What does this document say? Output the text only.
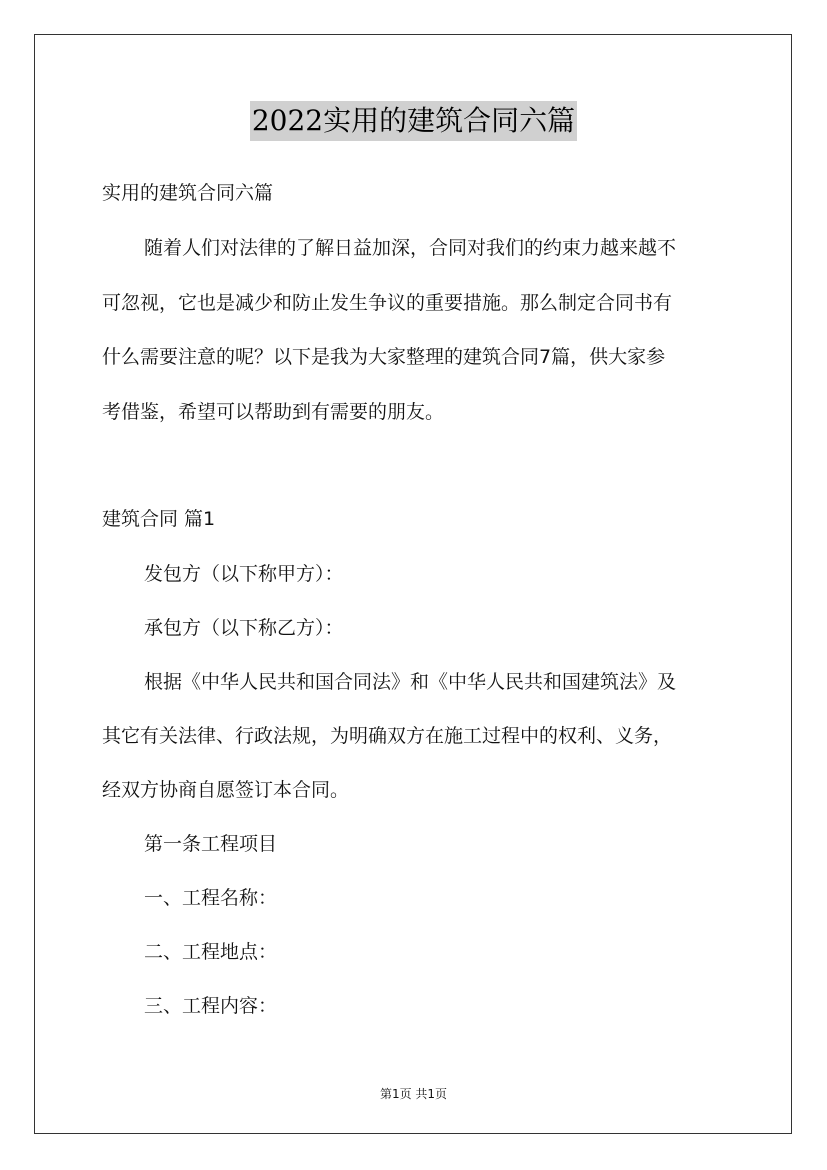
2022实用的建筑合同六篇
实用的建筑合同六篇
随着人们对法律的了解日益加深，合同对我们的约束力越来越不
可忽视，它也是减少和防止发生争议的重要措施。那么制定合同书有
什么需要注意的呢？以下是我为大家整理的建筑合同7篇，供大家参
考借鉴，希望可以帮助到有需要的朋友。
建筑合同 篇1
发包方（以下称甲方）：
承包方（以下称乙方）：
根据《中华人民共和国合同法》和《中华人民共和国建筑法》及
其它有关法律、行政法规，为明确双方在施工过程中的权利、义务，
经双方协商自愿签订本合同。
第一条工程项目
一、工程名称：
二、工程地点：
三、工程内容：
第1页 共1页
